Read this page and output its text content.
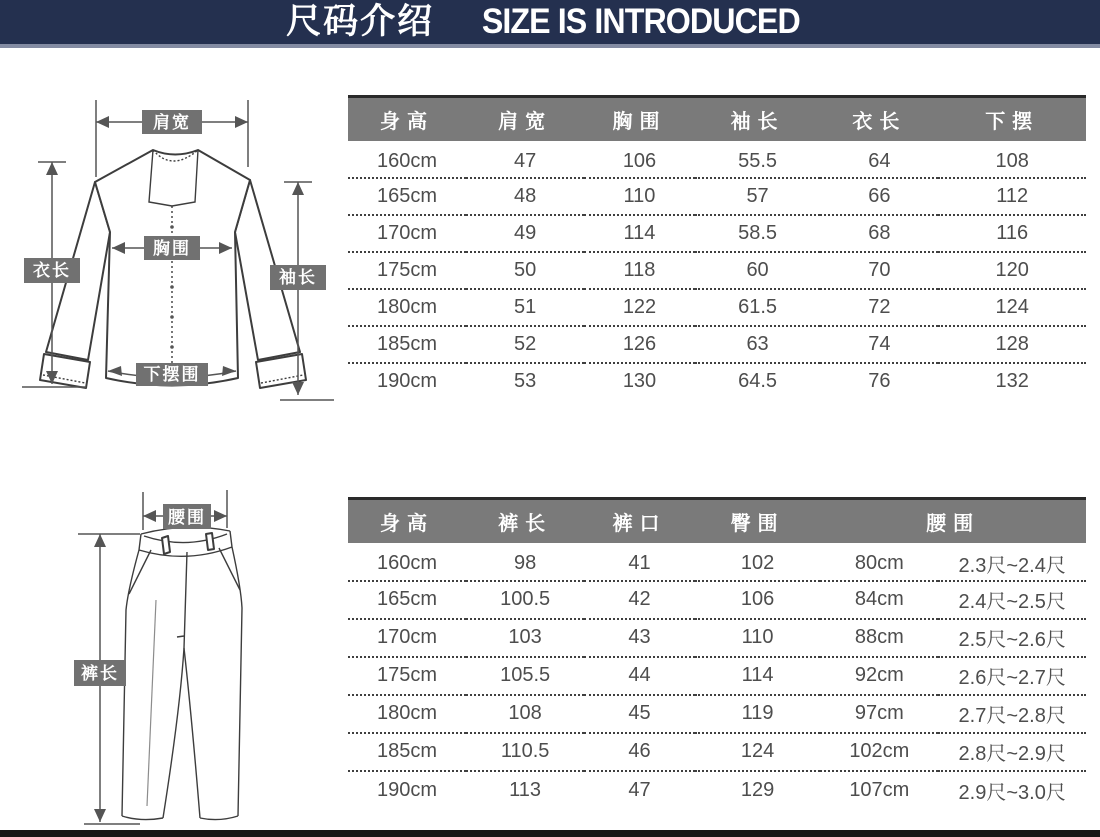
尺码介绍 SIZE IS INTRODUCED
肩宽
衣长
胸围
袖长
下摆围
腰围
裤长
身高	肩宽	胸围	袖长	衣长	下摆
160cm	47	106	55.5	64	108
165cm	48	110	57	66	112
170cm	49	114	58.5	68	116
175cm	50	118	60	70	120
180cm	51	122	61.5	72	124
185cm	52	126	63	74	128
190cm	53	130	64.5	76	132
身高	裤长	裤口	臀围	腰围	
160cm	98	41	102	80cm	2.3尺~2.4尺
165cm	100.5	42	106	84cm	2.4尺~2.5尺
170cm	103	43	110	88cm	2.5尺~2.6尺
175cm	105.5	44	114	92cm	2.6尺~2.7尺
180cm	108	45	119	97cm	2.7尺~2.8尺
185cm	110.5	46	124	102cm	2.8尺~2.9尺
190cm	113	47	129	107cm	2.9尺~3.0尺
